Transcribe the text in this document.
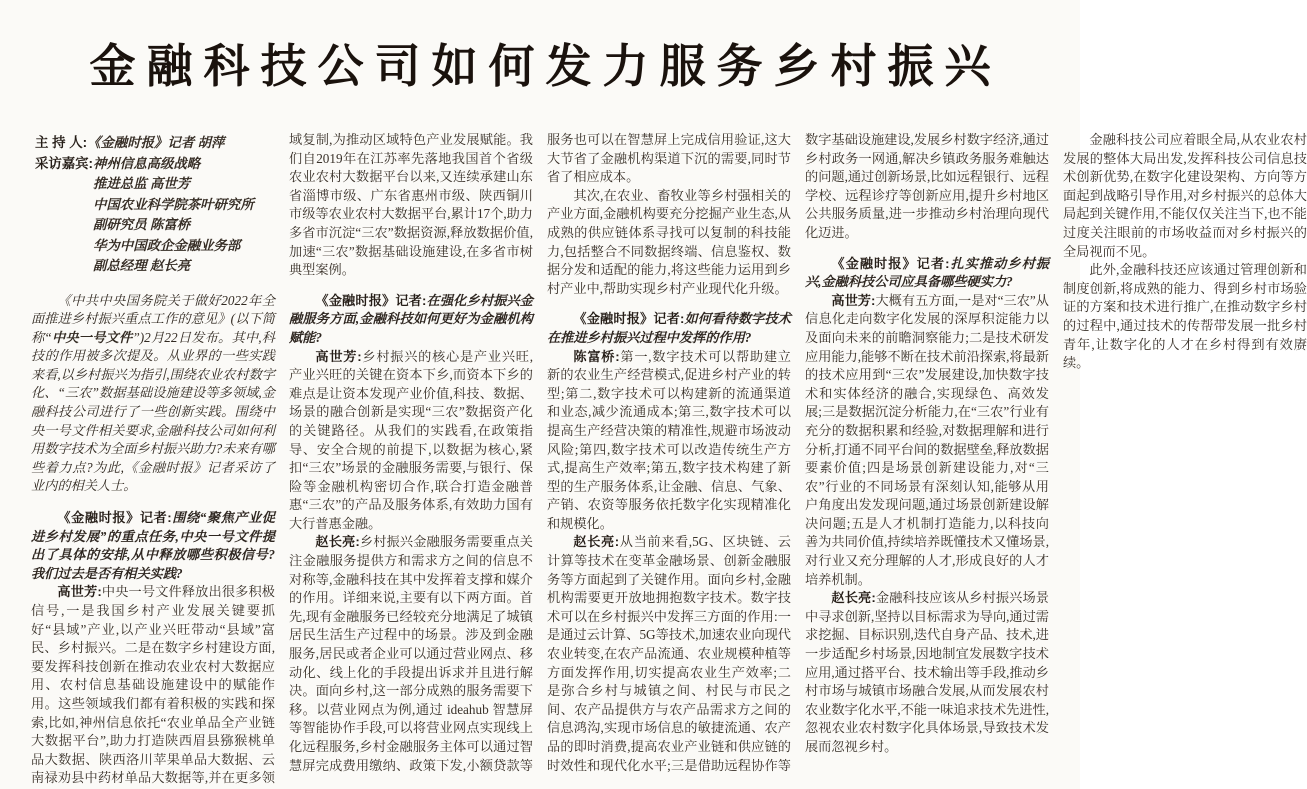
金融科技公司如何发力服务乡村振兴
主 持 人: 《金融时报》记者 胡萍
采访嘉宾: 神州信息高级战略
推进总监 高世芳
中国农业科学院茶叶研究所
副研究员 陈富桥
华为中国政企金融业务部
副总经理 赵长亮

《中共中央国务院关于做好2022年全面推进乡村振兴重点工作的意见》(以下简称“中央一号文件”)2月22日发布。其中,科技的作用被多次提及。从业界的一些实践来看,以乡村振兴为指引,围绕农业农村数字化、“三农”数据基础设施建设等多领域,金融科技公司进行了一些创新实践。围绕中央一号文件相关要求,金融科技公司如何利用数字技术为全面乡村振兴助力?未来有哪些着力点?为此,《金融时报》记者采访了业内的相关人士。

《金融时报》记者:围绕“聚焦产业促进乡村发展”的重点任务,中央一号文件提出了具体的安排,从中释放哪些积极信号?我们过去是否有相关实践?

高世芳:中央一号文件释放出很多积极信号,一是我国乡村产业发展关键要抓好“县域”产业,以产业兴旺带动“县域”富民、乡村振兴。二是在数字乡村建设方面,要发挥科技创新在推动农业农村大数据应用、农村信息基础设施建设中的赋能作用。这些领域我们都有着积极的实践和探索,比如,神州信息依托“农业单品全产业链大数据平台”,助力打造陕西眉县猕猴桃单品大数据、陕西洛川苹果单品大数据、云南禄劝县中药材单品大数据等,并在更多领域复制,为推动区域特色产业发展赋能。我们自2019年在江苏率先落地我国首个省级农业农村大数据平台以来,又连续承建山东省淄博市级、广东省惠州市级、陕西铜川市级等农业农村大数据平台,累计17个,助力多省市沉淀“三农”数据资源,释放数据价值,加速“三农”数据基础设施建设,在多省市树典型案例。

《金融时报》记者:在强化乡村振兴金融服务方面,金融科技如何更好为金融机构赋能?

高世芳:乡村振兴的核心是产业兴旺,产业兴旺的关键在资本下乡,而资本下乡的难点是让资本发现产业价值,科技、数据、场景的融合创新是实现“三农”数据资产化的关键路径。从我们的实践看,在政策指导、安全合规的前提下,以数据为核心,紧扣“三农”场景的金融服务需要,与银行、保险等金融机构密切合作,联合打造金融普惠“三农”的产品及服务体系,有效助力国有大行普惠金融。

赵长亮:乡村振兴金融服务需要重点关注金融服务提供方和需求方之间的信息不对称等,金融科技在其中发挥着支撑和媒介的作用。详细来说,主要有以下两方面。首先,现有金融服务已经较充分地满足了城镇居民生活生产过程中的场景。涉及到金融服务,居民或者企业可以通过营业网点、移动化、线上化的手段提出诉求并且进行解决。面向乡村,这一部分成熟的服务需要下移。以营业网点为例,通过 ideahub 智慧屏等智能协作手段,可以将营业网点实现线上化远程服务,乡村金融服务主体可以通过智慧屏完成费用缴纳、政策下发,小额贷款等服务也可以在智慧屏上完成信用验证,这大大节省了金融机构渠道下沉的需要,同时节省了相应成本。

其次,在农业、畜牧业等乡村强相关的产业方面,金融机构要充分挖掘产业生态,从成熟的供应链体系寻找可以复制的科技能力,包括整合不同数据终端、信息鉴权、数据分发和适配的能力,将这些能力运用到乡村产业中,帮助实现乡村产业现代化升级。

《金融时报》记者:如何看待数字技术在推进乡村振兴过程中发挥的作用?

陈富桥:第一,数字技术可以帮助建立新的农业生产经营模式,促进乡村产业的转型;第二,数字技术可以构建新的流通渠道和业态,减少流通成本;第三,数字技术可以提高生产经营决策的精准性,规避市场波动风险;第四,数字技术可以改造传统生产方式,提高生产效率;第五,数字技术构建了新型的生产服务体系,让金融、信息、气象、产销、农资等服务依托数字化实现精准化和规模化。

赵长亮:从当前来看,5G、区块链、云计算等技术在变革金融场景、创新金融服务等方面起到了关键作用。面向乡村,金融机构需要更开放地拥抱数字技术。数字技术可以在乡村振兴中发挥三方面的作用:一是通过云计算、5G等技术,加速农业向现代农业转变,在农产品流通、农业规模种植等方面发挥作用,切实提高农业生产效率;二是弥合乡村与城镇之间、村民与市民之间、农产品提供方与农产品需求方之间的信息鸿沟,实现市场信息的敏捷流通、农产品的即时消费,提高农业产业链和供应链的时效性和现代化水平;三是借助远程协作等数字基础设施建设,发展乡村数字经济,通过乡村政务一网通,解决乡镇政务服务难触达的问题,通过创新场景,比如远程银行、远程学校、远程诊疗等创新应用,提升乡村地区公共服务质量,进一步推动乡村治理向现代化迈进。

《金融时报》记者:扎实推动乡村振兴,金融科技公司应具备哪些硬实力?

高世芳:大概有五方面,一是对“三农”从信息化走向数字化发展的深厚积淀能力以及面向未来的前瞻洞察能力;二是技术研发应用能力,能够不断在技术前沿探索,将最新的技术应用到“三农”发展建设,加快数字技术和实体经济的融合,实现绿色、高效发展;三是数据沉淀分析能力,在“三农”行业有充分的数据积累和经验,对数据理解和进行分析,打通不同平台间的数据壁垒,释放数据要素价值;四是场景创新建设能力,对“三农”行业的不同场景有深刻认知,能够从用户角度出发发现问题,通过场景创新建设解决问题;五是人才机制打造能力,以科技向善为共同价值,持续培养既懂技术又懂场景,对行业又充分理解的人才,形成良好的人才培养机制。

赵长亮:金融科技应该从乡村振兴场景中寻求创新,坚持以目标需求为导向,通过需求挖掘、目标识别,迭代自身产品、技术,进一步适配乡村场景,因地制宜发展数字技术应用,通过搭平台、技术输出等手段,推动乡村市场与城镇市场融合发展,从而发展农村农业数字化水平,不能一味追求技术先进性,忽视农业农村数字化具体场景,导致技术发展而忽视乡村。

金融科技公司应着眼全局,从农业农村发展的整体大局出发,发挥科技公司信息技术创新优势,在数字化建设架构、方向等方面起到战略引导作用,对乡村振兴的总体大局起到关键作用,不能仅仅关注当下,也不能过度关注眼前的市场收益而对乡村振兴的全局视而不见。

此外,金融科技还应该通过管理创新和制度创新,将成熟的能力、得到乡村市场验证的方案和技术进行推广,在推动数字乡村的过程中,通过技术的传帮带发展一批乡村青年,让数字化的人才在乡村得到有效赓续。
